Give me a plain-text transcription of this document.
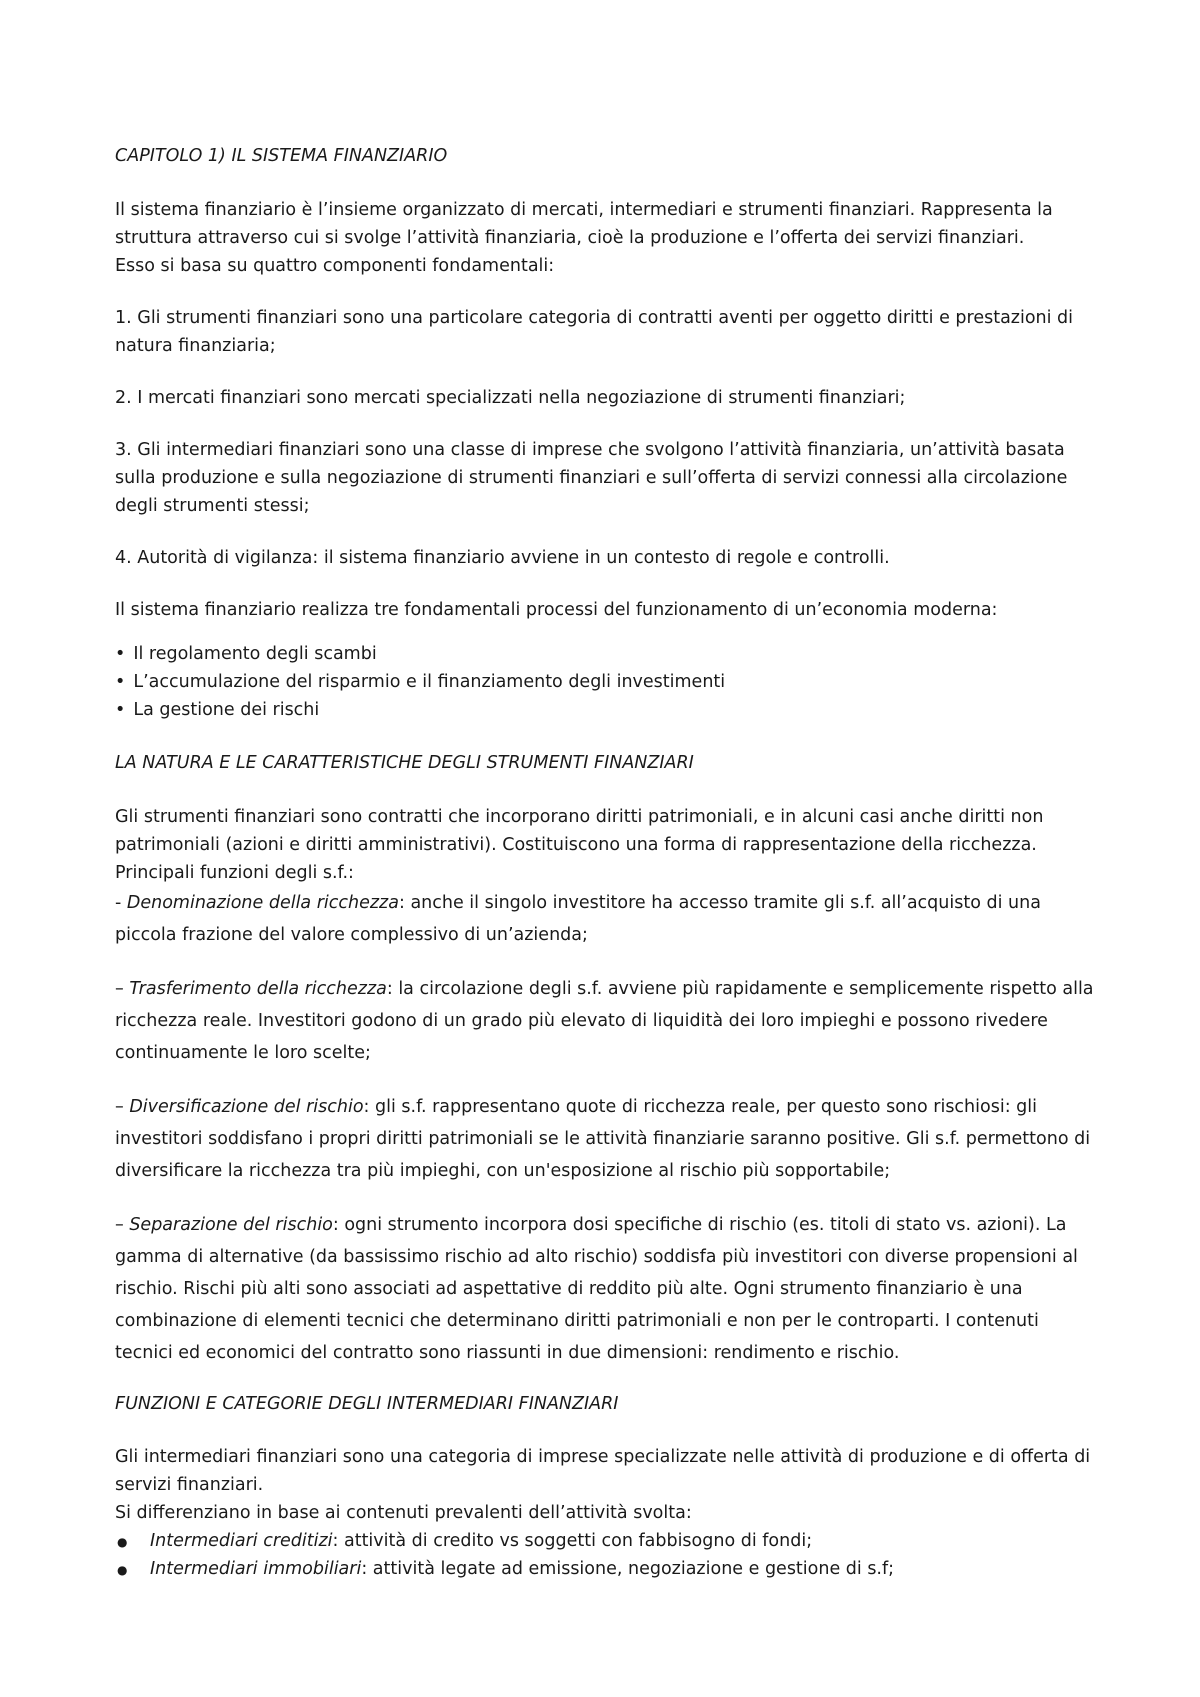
CAPITOLO 1) IL SISTEMA FINANZIARIO

Il sistema finanziario è l’insieme organizzato di mercati, intermediari e strumenti finanziari. Rappresenta la struttura attraverso cui si svolge l’attività finanziaria, cioè la produzione e l’offerta dei servizi finanziari.
Esso si basa su quattro componenti fondamentali:

1. Gli strumenti finanziari sono una particolare categoria di contratti aventi per oggetto diritti e prestazioni di natura finanziaria;

2. I mercati finanziari sono mercati specializzati nella negoziazione di strumenti finanziari;

3. Gli intermediari finanziari sono una classe di imprese che svolgono l’attività finanziaria, un’attività basata sulla produzione e sulla negoziazione di strumenti finanziari e sull’offerta di servizi connessi alla circolazione degli strumenti stessi;

4. Autorità di vigilanza: il sistema finanziario avviene in un contesto di regole e controlli.

Il sistema finanziario realizza tre fondamentali processi del funzionamento di un’economia moderna:

• Il regolamento degli scambi
• L’accumulazione del risparmio e il finanziamento degli investimenti
• La gestione dei rischi
LA NATURA E LE CARATTERISTICHE DEGLI STRUMENTI FINANZIARI

Gli strumenti finanziari sono contratti che incorporano diritti patrimoniali, e in alcuni casi anche diritti non patrimoniali (azioni e diritti amministrativi). Costituiscono una forma di rappresentazione della ricchezza.
Principali funzioni degli s.f.:

- Denominazione della ricchezza: anche il singolo investitore ha accesso tramite gli s.f. all’acquisto di una piccola frazione del valore complessivo di un’azienda;
– Trasferimento della ricchezza: la circolazione degli s.f. avviene più rapidamente e semplicemente rispetto alla ricchezza reale. Investitori godono di un grado più elevato di liquidità dei loro impieghi e possono rivedere continuamente le loro scelte;
– Diversificazione del rischio: gli s.f. rappresentano quote di ricchezza reale, per questo sono rischiosi: gli investitori soddisfano i propri diritti patrimoniali se le attività finanziarie saranno positive. Gli s.f. permettono di diversificare la ricchezza tra più impieghi, con un'esposizione al rischio più sopportabile;
– Separazione del rischio: ogni strumento incorpora dosi specifiche di rischio (es. titoli di stato vs. azioni). La gamma di alternative (da bassissimo rischio ad alto rischio) soddisfa più investitori con diverse propensioni al rischio. Rischi più alti sono associati ad aspettative di reddito più alte. Ogni strumento finanziario è una combinazione di elementi tecnici che determinano diritti patrimoniali e non per le controparti. I contenuti tecnici ed economici del contratto sono riassunti in due dimensioni: rendimento e rischio.
FUNZIONI E CATEGORIE DEGLI INTERMEDIARI FINANZIARI

Gli intermediari finanziari sono una categoria di imprese specializzate nelle attività di produzione e di offerta di servizi finanziari.
Si differenziano in base ai contenuti prevalenti dell’attività svolta:

● Intermediari creditizi: attività di credito vs soggetti con fabbisogno di fondi;
● Intermediari immobiliari: attività legate ad emissione, negoziazione e gestione di s.f;
